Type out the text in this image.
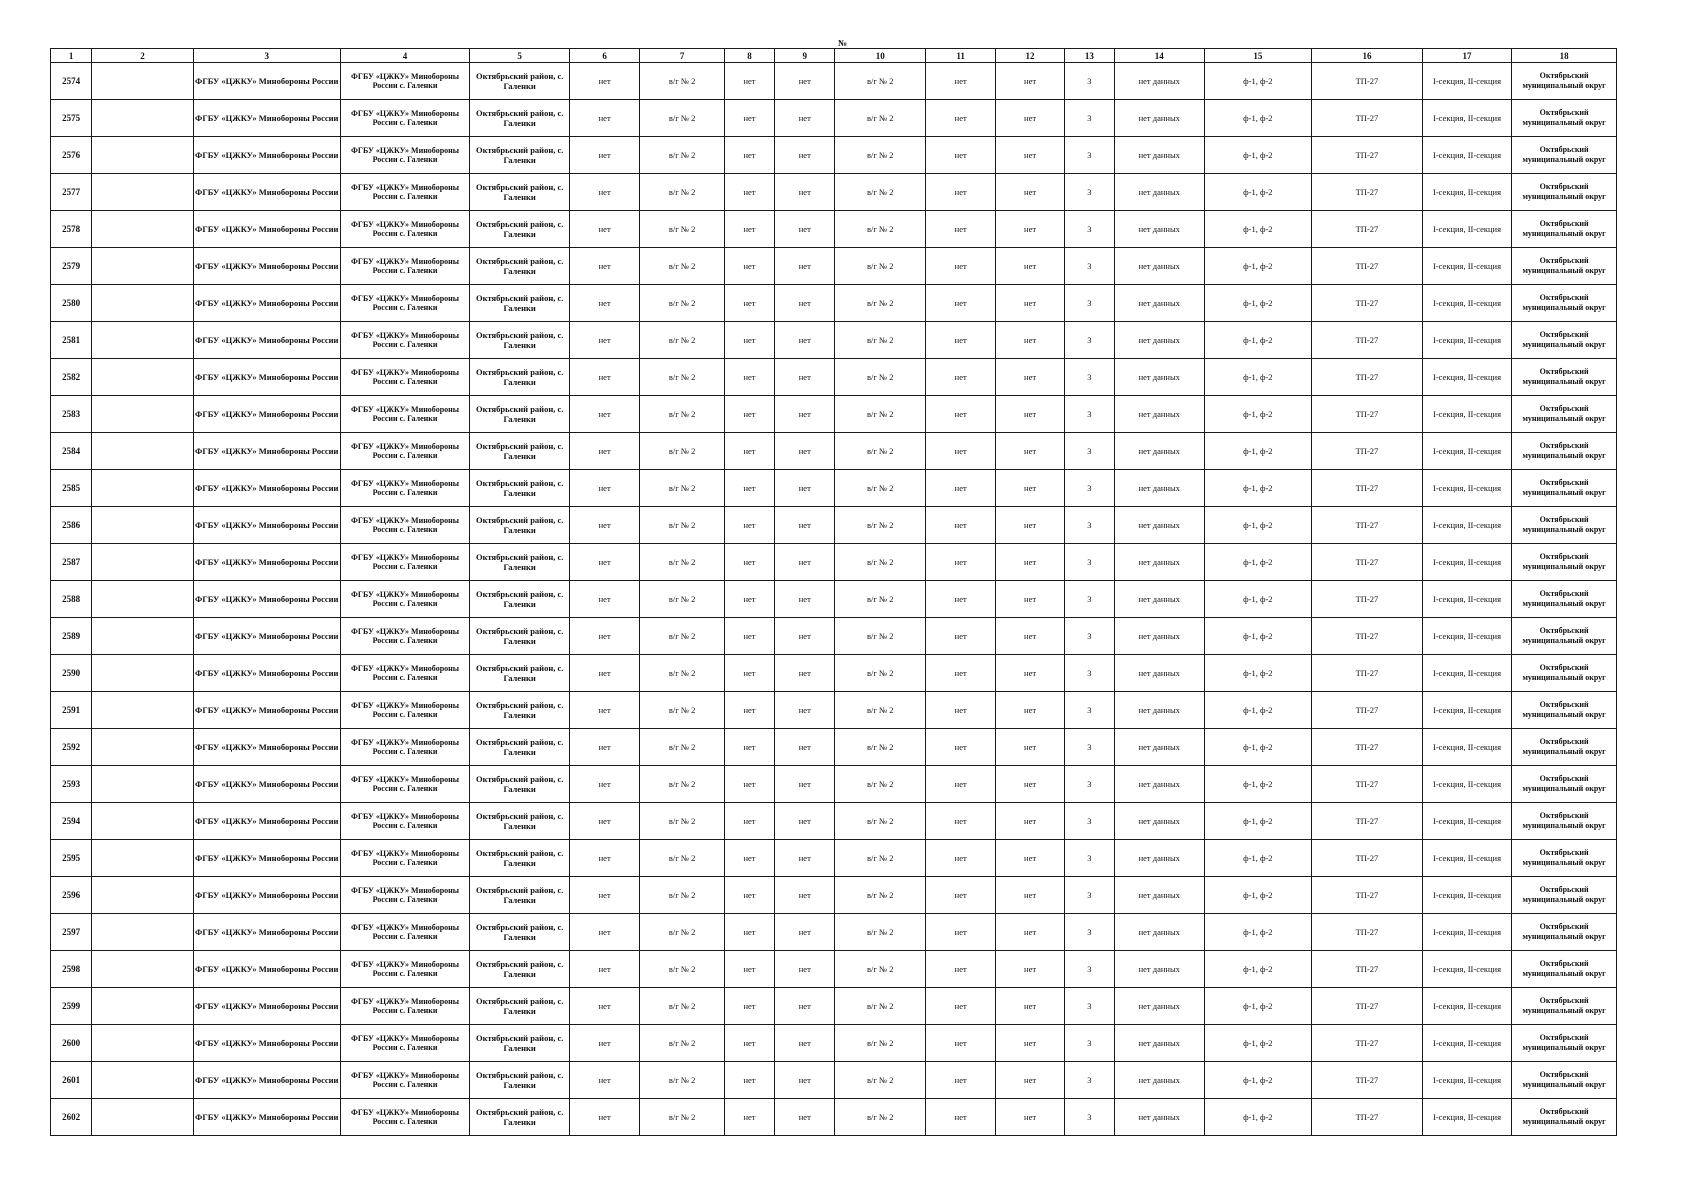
№
1	2	3	4	5	6	7	8	9	10	11	12	13	14	15	16	17	18
2574		ФГБУ «ЦЖКУ» Минобороны России	ФГБУ «ЦЖКУ» Минобороны России с. Галенки	Октябрьский район, с. Галенки	нет	в/г № 2	нет	нет	в/г № 2	нет	нет	3	нет данных	ф-1, ф-2	ТП-27	I-секция, II-секция	Октябрьский муниципальный округ
2575		ФГБУ «ЦЖКУ» Минобороны России	ФГБУ «ЦЖКУ» Минобороны России с. Галенки	Октябрьский район, с. Галенки	нет	в/г № 2	нет	нет	в/г № 2	нет	нет	3	нет данных	ф-1, ф-2	ТП-27	I-секция, II-секция	Октябрьский муниципальный округ
2576		ФГБУ «ЦЖКУ» Минобороны России	ФГБУ «ЦЖКУ» Минобороны России с. Галенки	Октябрьский район, с. Галенки	нет	в/г № 2	нет	нет	в/г № 2	нет	нет	3	нет данных	ф-1, ф-2	ТП-27	I-секция, II-секция	Октябрьский муниципальный округ
2577		ФГБУ «ЦЖКУ» Минобороны России	ФГБУ «ЦЖКУ» Минобороны России с. Галенки	Октябрьский район, с. Галенки	нет	в/г № 2	нет	нет	в/г № 2	нет	нет	3	нет данных	ф-1, ф-2	ТП-27	I-секция, II-секция	Октябрьский муниципальный округ
2578		ФГБУ «ЦЖКУ» Минобороны России	ФГБУ «ЦЖКУ» Минобороны России с. Галенки	Октябрьский район, с. Галенки	нет	в/г № 2	нет	нет	в/г № 2	нет	нет	3	нет данных	ф-1, ф-2	ТП-27	I-секция, II-секция	Октябрьский муниципальный округ
2579		ФГБУ «ЦЖКУ» Минобороны России	ФГБУ «ЦЖКУ» Минобороны России с. Галенки	Октябрьский район, с. Галенки	нет	в/г № 2	нет	нет	в/г № 2	нет	нет	3	нет данных	ф-1, ф-2	ТП-27	I-секция, II-секция	Октябрьский муниципальный округ
2580		ФГБУ «ЦЖКУ» Минобороны России	ФГБУ «ЦЖКУ» Минобороны России с. Галенки	Октябрьский район, с. Галенки	нет	в/г № 2	нет	нет	в/г № 2	нет	нет	3	нет данных	ф-1, ф-2	ТП-27	I-секция, II-секция	Октябрьский муниципальный округ
2581		ФГБУ «ЦЖКУ» Минобороны России	ФГБУ «ЦЖКУ» Минобороны России с. Галенки	Октябрьский район, с. Галенки	нет	в/г № 2	нет	нет	в/г № 2	нет	нет	3	нет данных	ф-1, ф-2	ТП-27	I-секция, II-секция	Октябрьский муниципальный округ
2582		ФГБУ «ЦЖКУ» Минобороны России	ФГБУ «ЦЖКУ» Минобороны России с. Галенки	Октябрьский район, с. Галенки	нет	в/г № 2	нет	нет	в/г № 2	нет	нет	3	нет данных	ф-1, ф-2	ТП-27	I-секция, II-секция	Октябрьский муниципальный округ
2583		ФГБУ «ЦЖКУ» Минобороны России	ФГБУ «ЦЖКУ» Минобороны России с. Галенки	Октябрьский район, с. Галенки	нет	в/г № 2	нет	нет	в/г № 2	нет	нет	3	нет данных	ф-1, ф-2	ТП-27	I-секция, II-секция	Октябрьский муниципальный округ
2584		ФГБУ «ЦЖКУ» Минобороны России	ФГБУ «ЦЖКУ» Минобороны России с. Галенки	Октябрьский район, с. Галенки	нет	в/г № 2	нет	нет	в/г № 2	нет	нет	3	нет данных	ф-1, ф-2	ТП-27	I-секция, II-секция	Октябрьский муниципальный округ
2585		ФГБУ «ЦЖКУ» Минобороны России	ФГБУ «ЦЖКУ» Минобороны России с. Галенки	Октябрьский район, с. Галенки	нет	в/г № 2	нет	нет	в/г № 2	нет	нет	3	нет данных	ф-1, ф-2	ТП-27	I-секция, II-секция	Октябрьский муниципальный округ
2586		ФГБУ «ЦЖКУ» Минобороны России	ФГБУ «ЦЖКУ» Минобороны России с. Галенки	Октябрьский район, с. Галенки	нет	в/г № 2	нет	нет	в/г № 2	нет	нет	3	нет данных	ф-1, ф-2	ТП-27	I-секция, II-секция	Октябрьский муниципальный округ
2587		ФГБУ «ЦЖКУ» Минобороны России	ФГБУ «ЦЖКУ» Минобороны России с. Галенки	Октябрьский район, с. Галенки	нет	в/г № 2	нет	нет	в/г № 2	нет	нет	3	нет данных	ф-1, ф-2	ТП-27	I-секция, II-секция	Октябрьский муниципальный округ
2588		ФГБУ «ЦЖКУ» Минобороны России	ФГБУ «ЦЖКУ» Минобороны России с. Галенки	Октябрьский район, с. Галенки	нет	в/г № 2	нет	нет	в/г № 2	нет	нет	3	нет данных	ф-1, ф-2	ТП-27	I-секция, II-секция	Октябрьский муниципальный округ
2589		ФГБУ «ЦЖКУ» Минобороны России	ФГБУ «ЦЖКУ» Минобороны России с. Галенки	Октябрьский район, с. Галенки	нет	в/г № 2	нет	нет	в/г № 2	нет	нет	3	нет данных	ф-1, ф-2	ТП-27	I-секция, II-секция	Октябрьский муниципальный округ
2590		ФГБУ «ЦЖКУ» Минобороны России	ФГБУ «ЦЖКУ» Минобороны России с. Галенки	Октябрьский район, с. Галенки	нет	в/г № 2	нет	нет	в/г № 2	нет	нет	3	нет данных	ф-1, ф-2	ТП-27	I-секция, II-секция	Октябрьский муниципальный округ
2591		ФГБУ «ЦЖКУ» Минобороны России	ФГБУ «ЦЖКУ» Минобороны России с. Галенки	Октябрьский район, с. Галенки	нет	в/г № 2	нет	нет	в/г № 2	нет	нет	3	нет данных	ф-1, ф-2	ТП-27	I-секция, II-секция	Октябрьский муниципальный округ
2592		ФГБУ «ЦЖКУ» Минобороны России	ФГБУ «ЦЖКУ» Минобороны России с. Галенки	Октябрьский район, с. Галенки	нет	в/г № 2	нет	нет	в/г № 2	нет	нет	3	нет данных	ф-1, ф-2	ТП-27	I-секция, II-секция	Октябрьский муниципальный округ
2593		ФГБУ «ЦЖКУ» Минобороны России	ФГБУ «ЦЖКУ» Минобороны России с. Галенки	Октябрьский район, с. Галенки	нет	в/г № 2	нет	нет	в/г № 2	нет	нет	3	нет данных	ф-1, ф-2	ТП-27	I-секция, II-секция	Октябрьский муниципальный округ
2594		ФГБУ «ЦЖКУ» Минобороны России	ФГБУ «ЦЖКУ» Минобороны России с. Галенки	Октябрьский район, с. Галенки	нет	в/г № 2	нет	нет	в/г № 2	нет	нет	3	нет данных	ф-1, ф-2	ТП-27	I-секция, II-секция	Октябрьский муниципальный округ
2595		ФГБУ «ЦЖКУ» Минобороны России	ФГБУ «ЦЖКУ» Минобороны России с. Галенки	Октябрьский район, с. Галенки	нет	в/г № 2	нет	нет	в/г № 2	нет	нет	3	нет данных	ф-1, ф-2	ТП-27	I-секция, II-секция	Октябрьский муниципальный округ
2596		ФГБУ «ЦЖКУ» Минобороны России	ФГБУ «ЦЖКУ» Минобороны России с. Галенки	Октябрьский район, с. Галенки	нет	в/г № 2	нет	нет	в/г № 2	нет	нет	3	нет данных	ф-1, ф-2	ТП-27	I-секция, II-секция	Октябрьский муниципальный округ
2597		ФГБУ «ЦЖКУ» Минобороны России	ФГБУ «ЦЖКУ» Минобороны России с. Галенки	Октябрьский район, с. Галенки	нет	в/г № 2	нет	нет	в/г № 2	нет	нет	3	нет данных	ф-1, ф-2	ТП-27	I-секция, II-секция	Октябрьский муниципальный округ
2598		ФГБУ «ЦЖКУ» Минобороны России	ФГБУ «ЦЖКУ» Минобороны России с. Галенки	Октябрьский район, с. Галенки	нет	в/г № 2	нет	нет	в/г № 2	нет	нет	3	нет данных	ф-1, ф-2	ТП-27	I-секция, II-секция	Октябрьский муниципальный округ
2599		ФГБУ «ЦЖКУ» Минобороны России	ФГБУ «ЦЖКУ» Минобороны России с. Галенки	Октябрьский район, с. Галенки	нет	в/г № 2	нет	нет	в/г № 2	нет	нет	3	нет данных	ф-1, ф-2	ТП-27	I-секция, II-секция	Октябрьский муниципальный округ
2600		ФГБУ «ЦЖКУ» Минобороны России	ФГБУ «ЦЖКУ» Минобороны России с. Галенки	Октябрьский район, с. Галенки	нет	в/г № 2	нет	нет	в/г № 2	нет	нет	3	нет данных	ф-1, ф-2	ТП-27	I-секция, II-секция	Октябрьский муниципальный округ
2601		ФГБУ «ЦЖКУ» Минобороны России	ФГБУ «ЦЖКУ» Минобороны России с. Галенки	Октябрьский район, с. Галенки	нет	в/г № 2	нет	нет	в/г № 2	нет	нет	3	нет данных	ф-1, ф-2	ТП-27	I-секция, II-секция	Октябрьский муниципальный округ
2602		ФГБУ «ЦЖКУ» Минобороны России	ФГБУ «ЦЖКУ» Минобороны России с. Галенки	Октябрьский район, с. Галенки	нет	в/г № 2	нет	нет	в/г № 2	нет	нет	3	нет данных	ф-1, ф-2	ТП-27	I-секция, II-секция	Октябрьский муниципальный округ
